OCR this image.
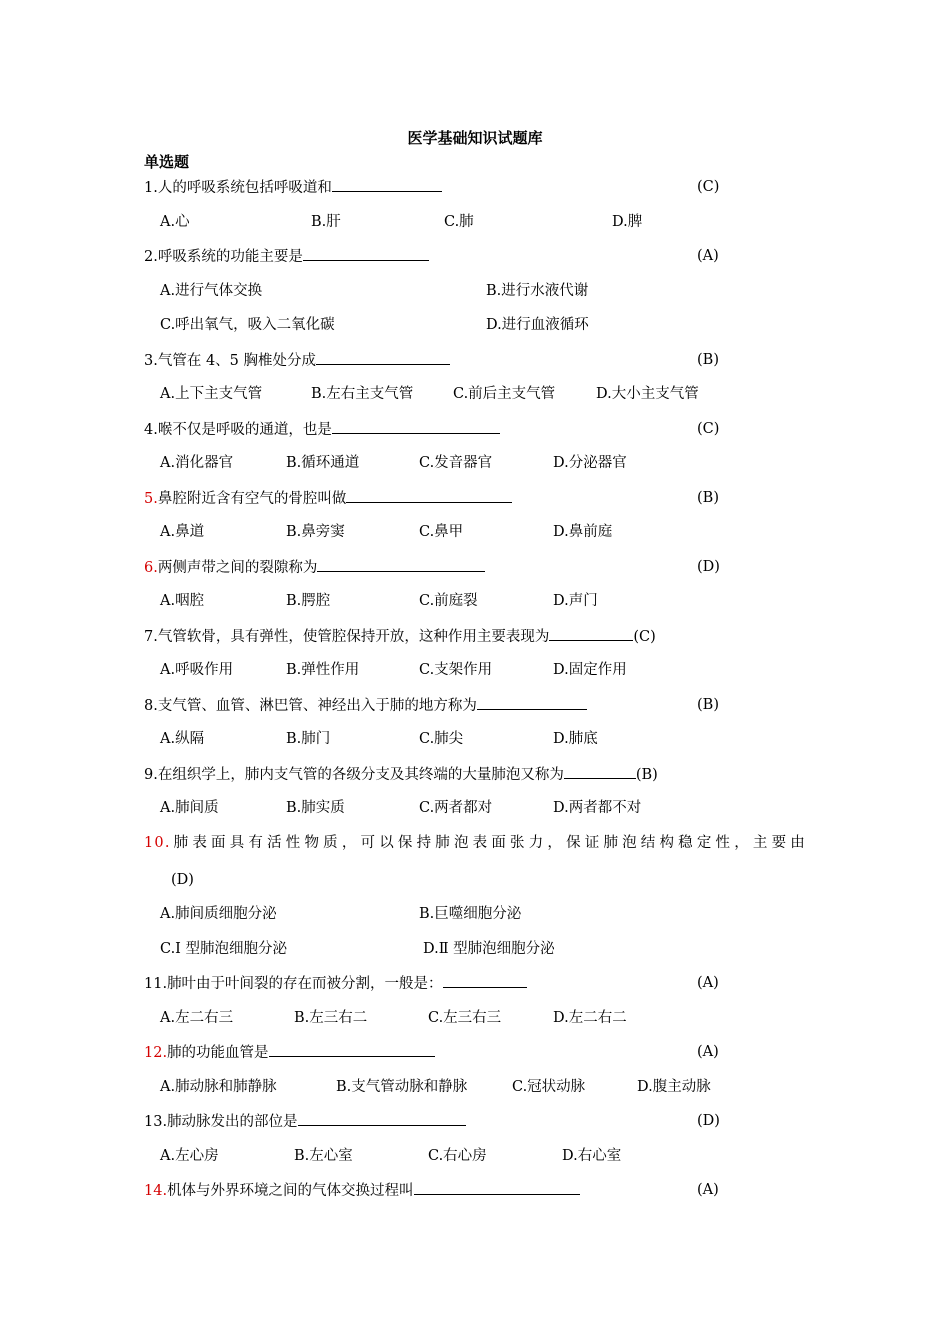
医学基础知识试题库
单选题
1.人的呼吸系统包括呼吸道和	(C)
A.心	B.肝	C.肺	D.脾
2.呼吸系统的功能主要是	(A)
A.进行气体交换	B.进行水液代谢
C.呼出氧气，吸入二氧化碳	D.进行血液循环
3.气管在 4、5 胸椎处分成	(B)
A.上下主支气管	B.左右主支气管	C.前后主支气管	D.大小主支气管
4.喉不仅是呼吸的通道，也是	(C)
A.消化器官	B.循环通道	C.发音器官	D.分泌器官
5.鼻腔附近含有空气的骨腔叫做	(B)
A.鼻道	B.鼻旁窦	C.鼻甲	D.鼻前庭
6.两侧声带之间的裂隙称为	(D)
A.咽腔	B.腭腔	C.前庭裂	D.声门
7.气管软骨，具有弹性，使管腔保持开放，这种作用主要表现为	(C)
A.呼吸作用	B.弹性作用	C.支架作用	D.固定作用
8.支气管、血管、淋巴管、神经出入于肺的地方称为	(B)
A.纵隔	B.肺门	C.肺尖	D.肺底
9.在组织学上，肺内支气管的各级分支及其终端的大量肺泡又称为	(B)
A.肺间质	B.肺实质	C.两者都对	D.两者都不对
10.肺表面具有活性物质，可以保持肺泡表面张力，保证肺泡结构稳定性，主要由
(D)
A.肺间质细胞分泌	B.巨噬细胞分泌
C.Ⅰ 型肺泡细胞分泌	D.Ⅱ 型肺泡细胞分泌
11.肺叶由于叶间裂的存在而被分割，一般是：	(A)
A.左二右三	B.左三右二	C.左三右三	D.左二右二
12.肺的功能血管是	(A)
A.肺动脉和肺静脉	B.支气管动脉和静脉	C.冠状动脉	D.腹主动脉
13.肺动脉发出的部位是	(D)
A.左心房	B.左心室	C.右心房	D.右心室
14.机体与外界环境之间的气体交换过程叫	(A)
